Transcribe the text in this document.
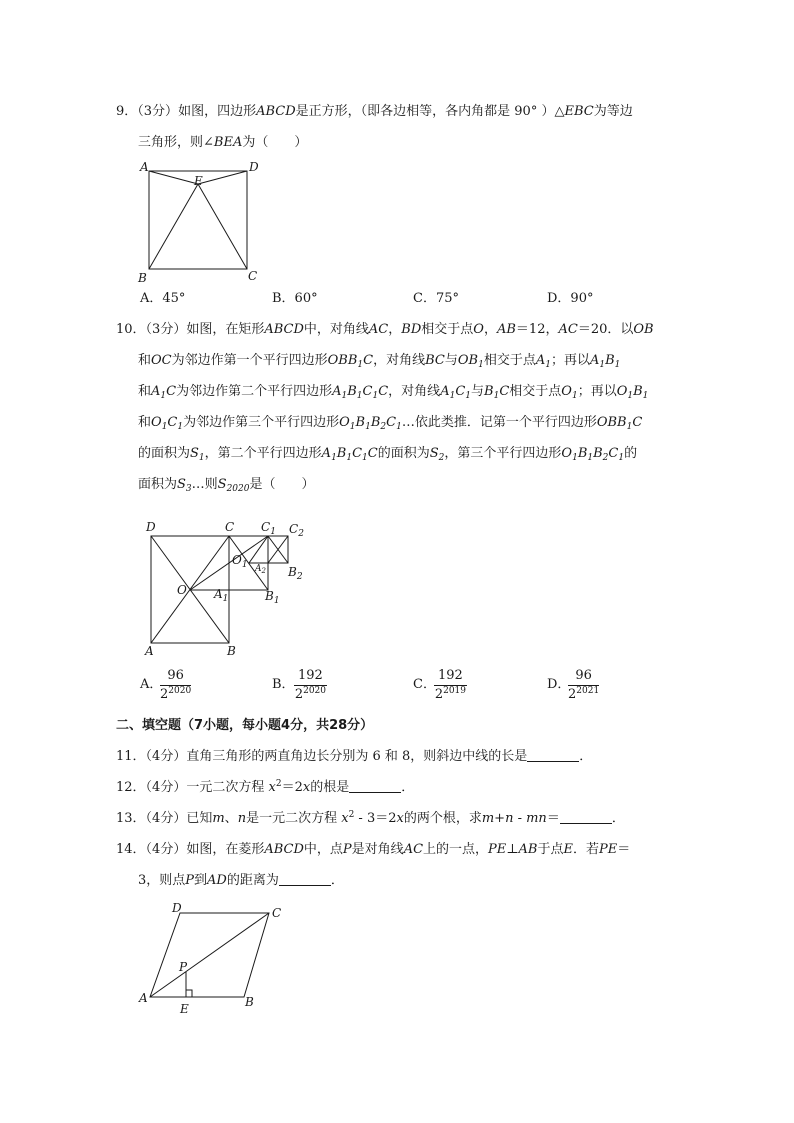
9．（3分）如图，四边形ABCD是正方形，（即各边相等，各内角都是 90° ）△EBC为等边
三角形，则∠BEA为（　　）
A	D
E
B	C
A．45°	B．60°	C．75°	D．90°
10．（3分）如图，在矩形ABCD中，对角线AC，BD相交于点O，AB＝12，AC＝20．以OB
和OC为邻边作第一个平行四边形$OBB_1C$，对角线BC与$OB_1$相交于点$A_1$；再以$A_1B_1$
和$A_1C$为邻边作第二个平行四边形$A_1B_1C_1C$，对角线$A_1C_1$与$B_1C$相交于点$O_1$；再以$O_1B_1$
和$O_1C_1$为邻边作第三个平行四边形$O_1B_1B_2C_1\dots$依此类推．记第一个平行四边形$OBB_1C$
的面积为$S_1$，第二个平行四边形$A_1B_1C_1C$的面积为$S_2$，第三个平行四边形$O_1B_1B_2C_1$的
面积为$S_3\dots$则$S_{2020}$是（　　）
D	C $C_1$ $C_2$
$O_1$ $A_2$ $B_2$
O $A_1$	$B_1$
A	B
A．
$\frac{96}{2^{2020}}$	B． $\frac{192}{2^{2020}}$	C．
$\frac{192}{2^{2019}}$	D．
$\frac{96}{2^{2021}}$
二、填空题（7小题，每小题4分，共28分）
11．（4分）直角三角形的两直角边长分别为 6 和 8，则斜边中线的长是	．
12．（4分）一元二次方程 $x^2=2x$的根是	．
13．（4分）已知m、n是一元二次方程 $x^2 - 3=2x$的两个根，求m+n - mn＝	．
14．（4分）如图，在菱形ABCD中，点P是对角线AC上的一点，PE⊥AB于点E．若PE＝
3，则点P到AD的距离为	．
D	C
P
A	B
E
